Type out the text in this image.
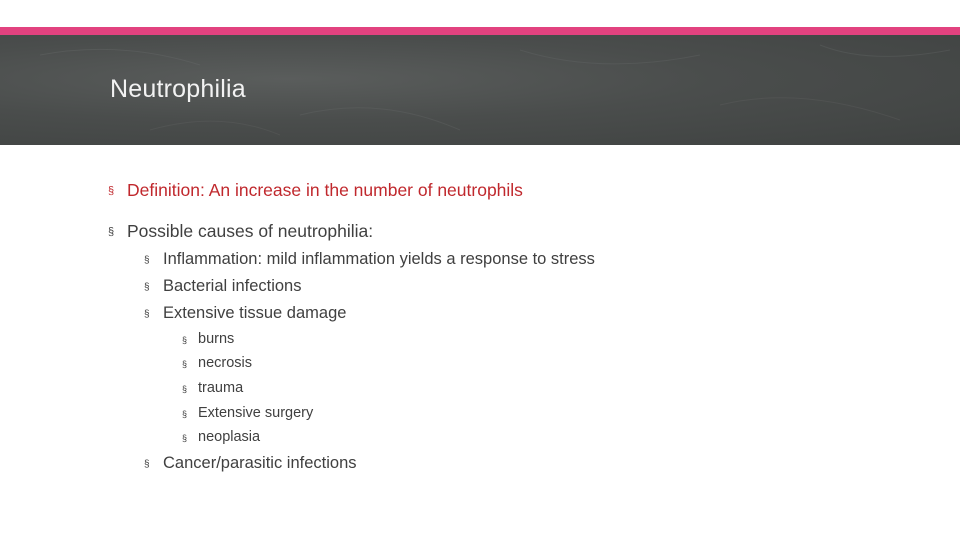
Neutrophilia
§ Definition: An increase in the number of neutrophils
§ Possible causes of neutrophilia:
§ Inflammation: mild inflammation yields a response to stress
§ Bacterial infections
§ Extensive tissue damage
§ burns
§ necrosis
§ trauma
§ Extensive surgery
§ neoplasia
§ Cancer/parasitic infections
